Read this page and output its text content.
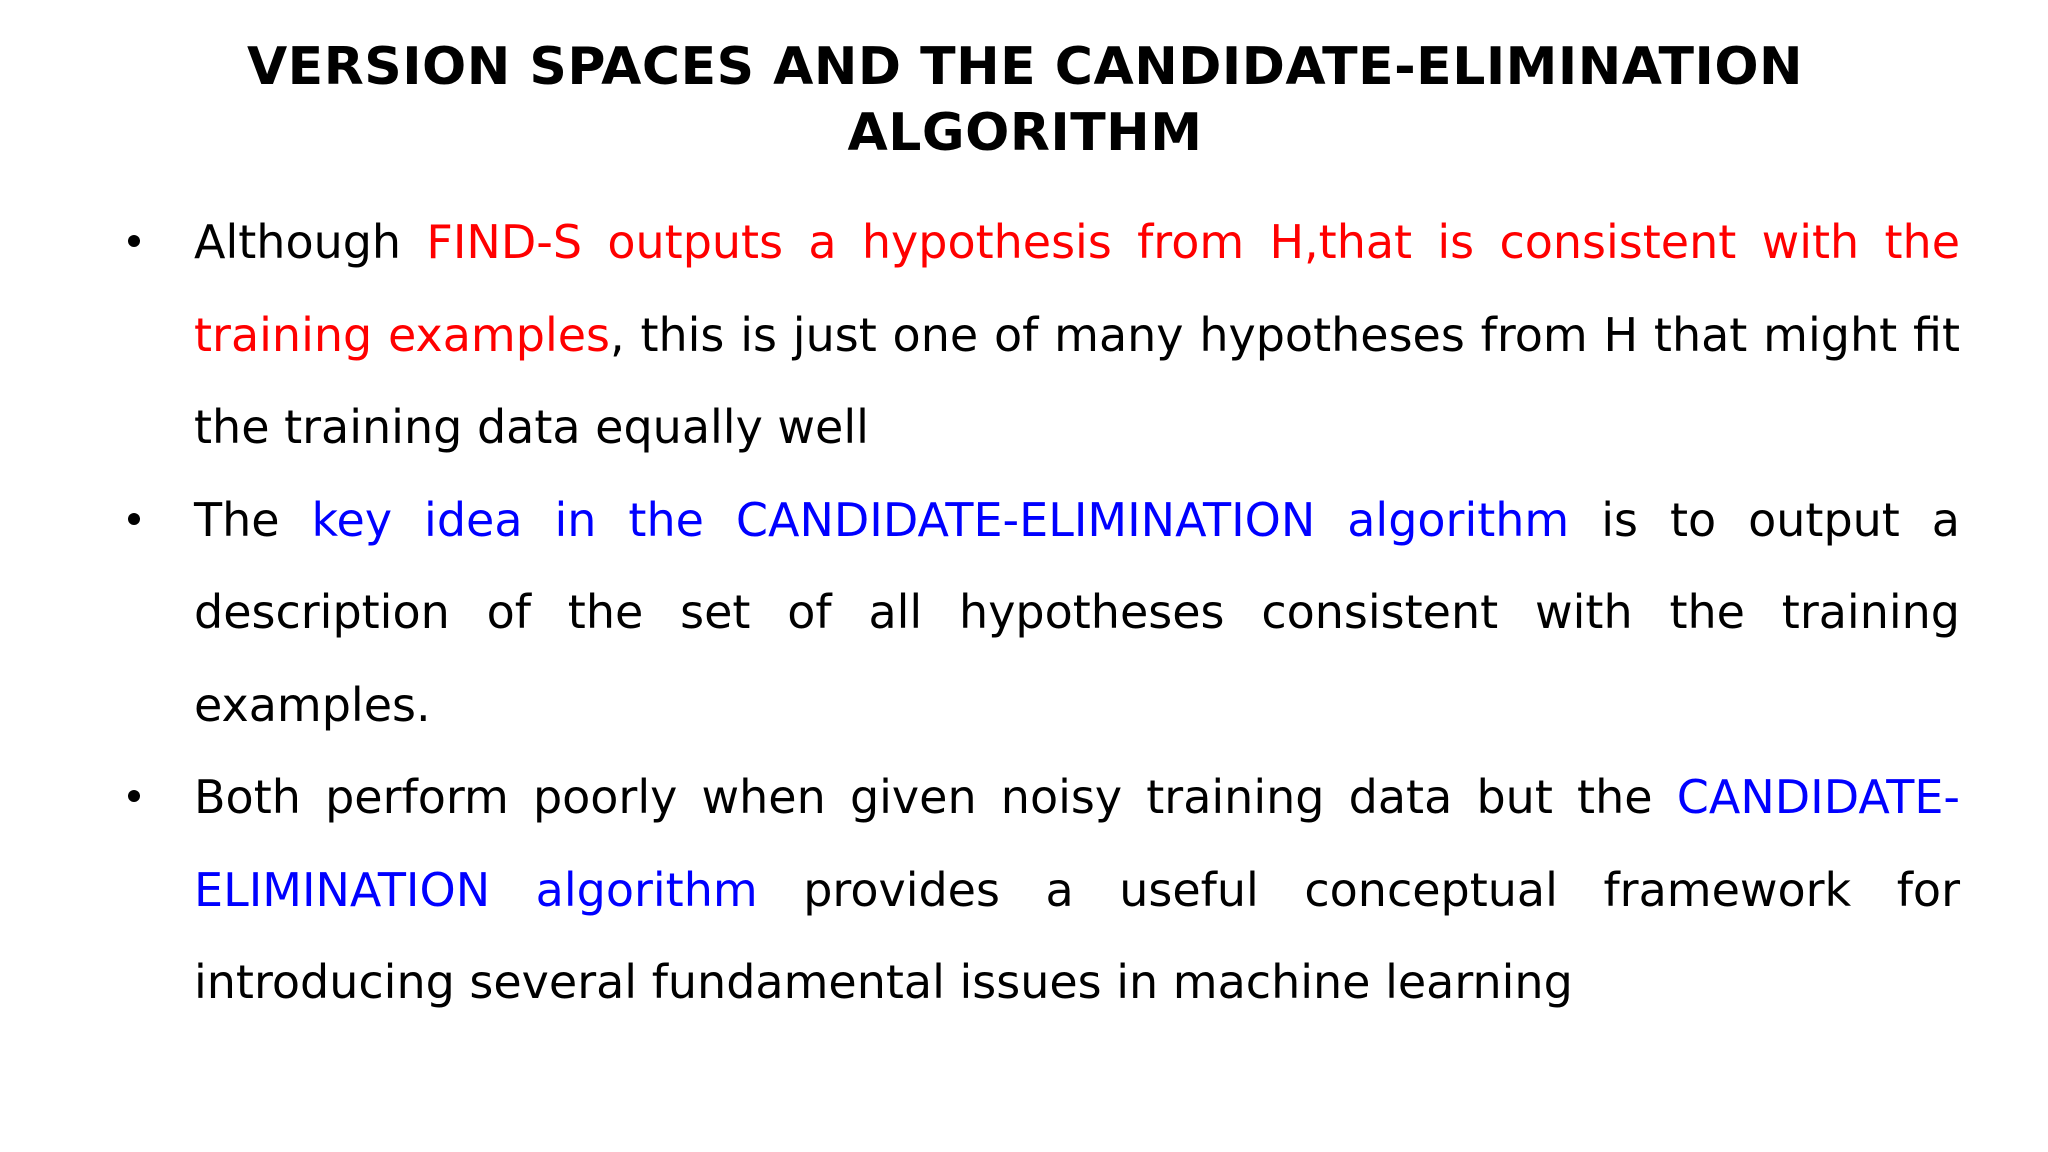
VERSION SPACES AND THE CANDIDATE-ELIMINATION
ALGORITHM
Although FIND-S outputs a hypothesis from H,that is consistent with the training examples, this is just one of many hypotheses from H that might fit the training data equally well
The key idea in the CANDIDATE-ELIMINATION algorithm is to output a description of the set of all hypotheses consistent with the training examples.
Both perform poorly when given noisy training data but the CANDIDATE-ELIMINATION algorithm provides a useful conceptual framework for introducing several fundamental issues in machine learning
